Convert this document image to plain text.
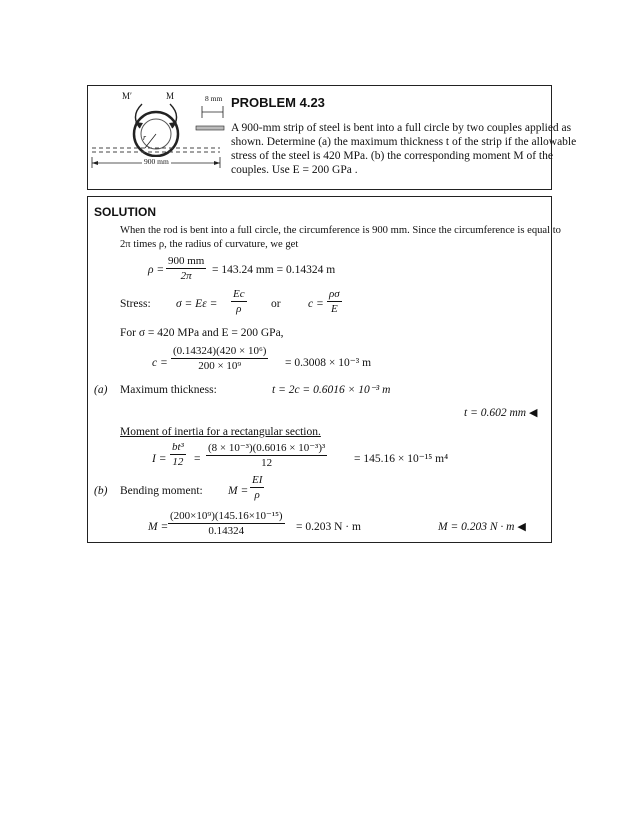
M′	M	8 mm
r
900 mm
PROBLEM 4.23
A 900-mm strip of steel is bent into a full circle by two couples applied as
shown. Determine (a) the maximum thickness t of the strip if the allowable
stress of the steel is 420 MPa. (b) the corresponding moment M of the
couples. Use E = 200 GPa .
SOLUTION
When the rod is bent into a full circle, the circumference is 900 mm. Since the circumference is equal to
2π times ρ, the radius of curvature, we get
$\rho = \frac{900 mm}{2\pi} = 143.24$ mm = 0.14324 m
Stress: $\sigma = E\varepsilon = \frac{Ec}{\rho}$ or $c = \frac{\rho\sigma}{E}$
For σ = 420 MPa and E = 200 GPa,
$c = \frac{\text{(0.14324)(420 × 10⁶)}}{\text{200 × 10⁹}} = 0.3008 \times 10^{-3}$ m
(a) Maximum thickness:	t = 2c = 0.6016 × 10⁻³ m
t = 0.602 mm ◀
Moment of inertia for a rectangular section.
$I = \frac{\text{bt³}}{12} = \frac{\text{(8 × 10⁻³)(0.6016 × 10⁻³)³}}{12} = 145.16 \times 10^{-15}$ m⁴
(b) Bending moment: $M = \frac{EI}{\rho}$
$M = \frac{\text{(200×10⁹)(145.16×10⁻¹⁵)}}{0.14324} = 0.203$ N · m	M = 0.203 N · m ◀
